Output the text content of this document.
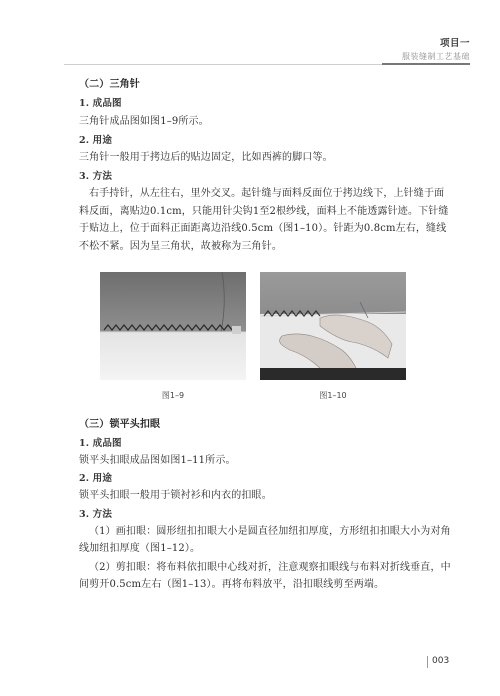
项目一
服装缝制工艺基础
（二）三角针
1. 成品图
三角针成品图如图1–9所示。
2. 用途
三角针一般用于拷边后的贴边固定，比如西裤的脚口等。
3. 方法
右手持针，从左往右，里外交叉。起针缝与面料反面位于拷边线下，上针缝于面料反面，离贴边0.1cm，只能用针尖钩1至2根纱线，面料上不能透露针迹。下针缝于贴边上，位于面料正面距离边沿线0.5cm（图1–10）。针距为0.8cm左右，缝线不松不紧。因为呈三角状，故被称为三角针。
图1–9	图1–10
（三）锁平头扣眼
1. 成品图
锁平头扣眼成品图如图1–11所示。
2. 用途
锁平头扣眼一般用于锁衬衫和内衣的扣眼。
3. 方法
（1）画扣眼：圆形纽扣扣眼大小是圆直径加纽扣厚度，方形纽扣扣眼大小为对角线加纽扣厚度（图1–12）。
（2）剪扣眼：将布料依扣眼中心线对折，注意观察扣眼线与布料对折线垂直，中间剪开0.5cm左右（图1–13）。再将布料放平，沿扣眼线剪至两端。
003
